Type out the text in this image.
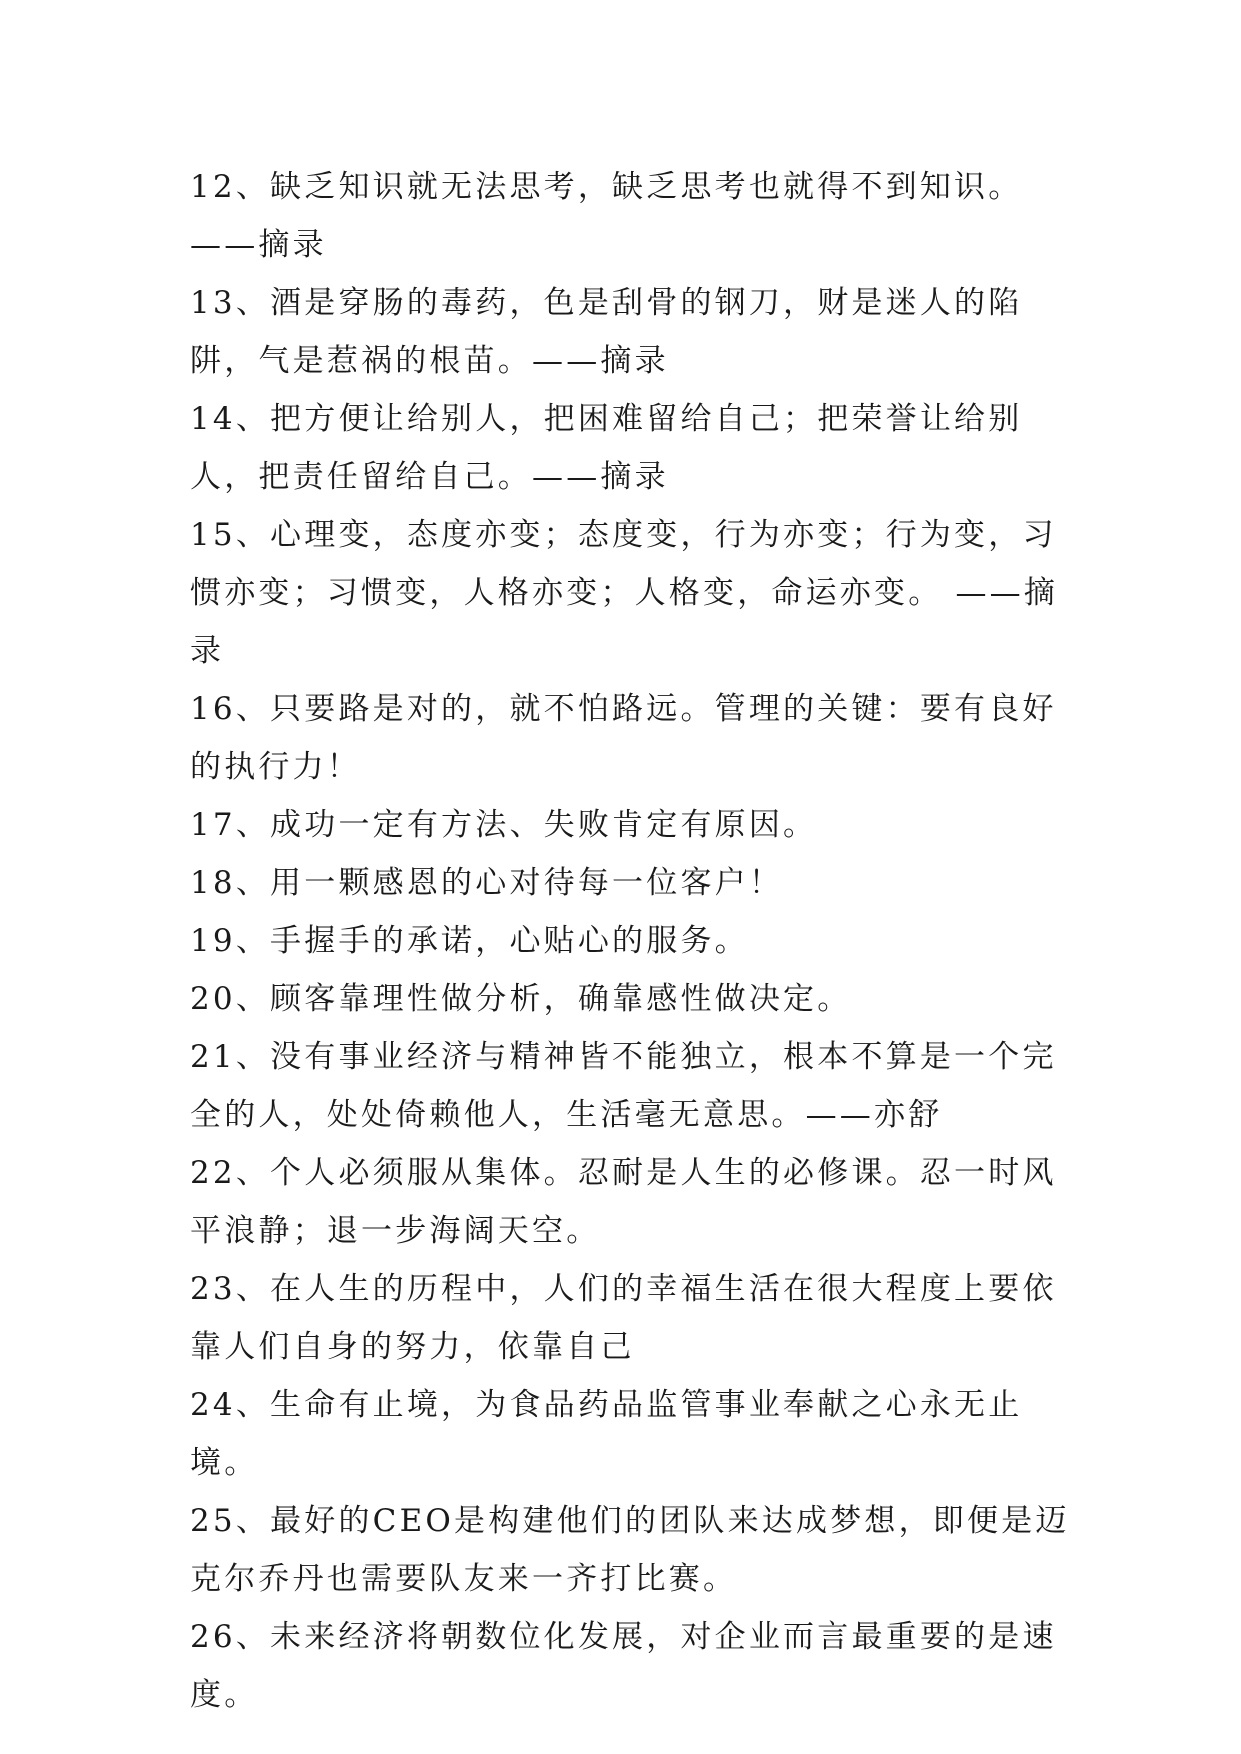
12、缺乏知识就无法思考，缺乏思考也就得不到知识。 ——摘录

13、酒是穿肠的毒药，色是刮骨的钢刀，财是迷人的陷阱，气是惹祸的根苗。——摘录

14、把方便让给别人，把困难留给自己；把荣誉让给别人，把责任留给自己。——摘录

15、心理变，态度亦变；态度变，行为亦变；行为变，习惯亦变；习惯变，人格亦变；人格变，命运亦变。 ——摘录

16、只要路是对的，就不怕路远。管理的关键：要有良好的执行力！

17、成功一定有方法、失败肯定有原因。

18、用一颗感恩的心对待每一位客户！

19、手握手的承诺，心贴心的服务。

20、顾客靠理性做分析，确靠感性做决定。

21、没有事业经济与精神皆不能独立，根本不算是一个完全的人，处处倚赖他人，生活毫无意思。——亦舒

22、个人必须服从集体。忍耐是人生的必修课。忍一时风平浪静；退一步海阔天空。

23、在人生的历程中，人们的幸福生活在很大程度上要依靠人们自身的努力，依靠自己

24、生命有止境，为食品药品监管事业奉献之心永无止境。

25、最好的CEO是构建他们的团队来达成梦想，即便是迈克尔乔丹也需要队友来一齐打比赛。

26、未来经济将朝数位化发展，对企业而言最重要的是速度。
